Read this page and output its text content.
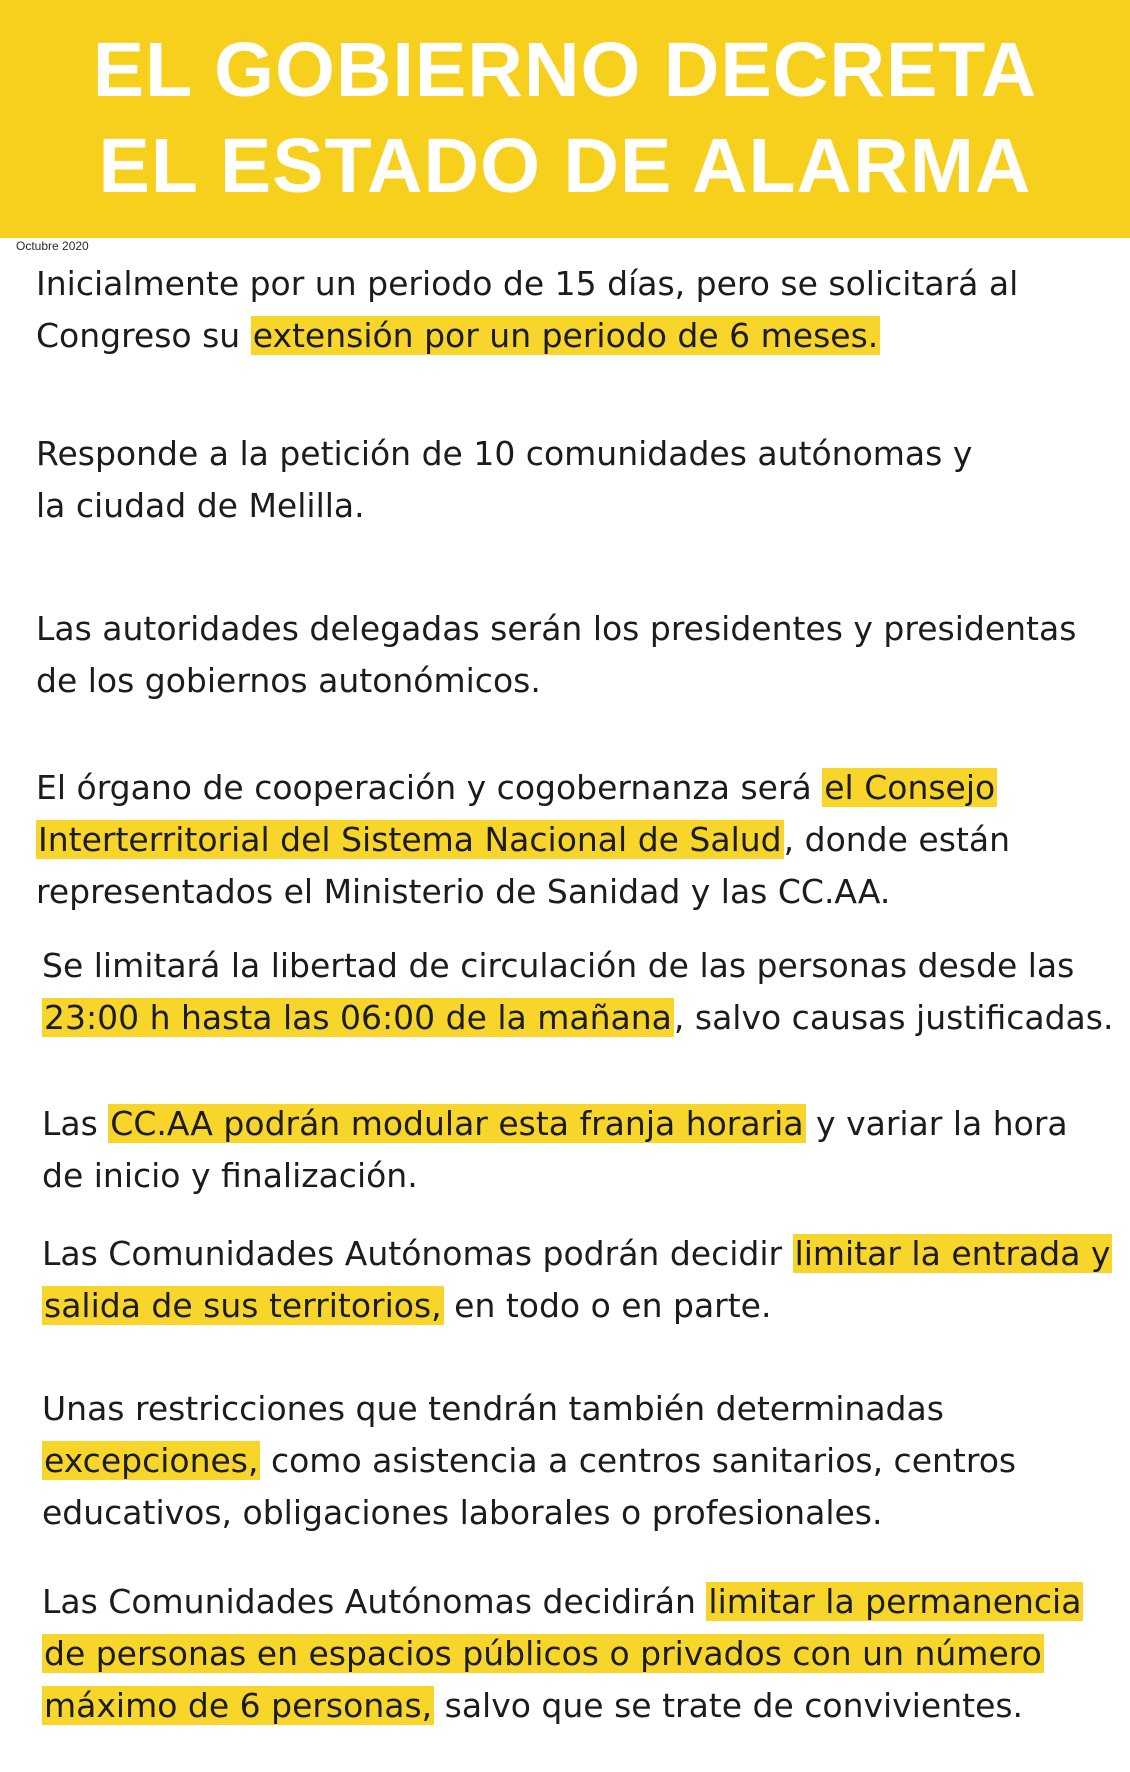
EL GOBIERNO DECRETA
EL ESTADO DE ALARMA
Octubre 2020
Inicialmente por un periodo de 15 días, pero se solicitará al
Congreso su extensión por un periodo de 6 meses.
Responde a la petición de 10 comunidades autónomas y
la ciudad de Melilla.
Las autoridades delegadas serán los presidentes y presidentas
de los gobiernos autonómicos.
El órgano de cooperación y cogobernanza será el Consejo
Interterritorial del Sistema Nacional de Salud, donde están
representados el Ministerio de Sanidad y las CC.AA.
Se limitará la libertad de circulación de las personas desde las
23:00 h hasta las 06:00 de la mañana, salvo causas justificadas.
Las CC.AA podrán modular esta franja horaria y variar la hora
de inicio y finalización.
Las Comunidades Autónomas podrán decidir limitar la entrada y
salida de sus territorios, en todo o en parte.
Unas restricciones que tendrán también determinadas
excepciones, como asistencia a centros sanitarios, centros
educativos, obligaciones laborales o profesionales.
Las Comunidades Autónomas decidirán limitar la permanencia
de personas en espacios públicos o privados con un número
máximo de 6 personas, salvo que se trate de convivientes.
